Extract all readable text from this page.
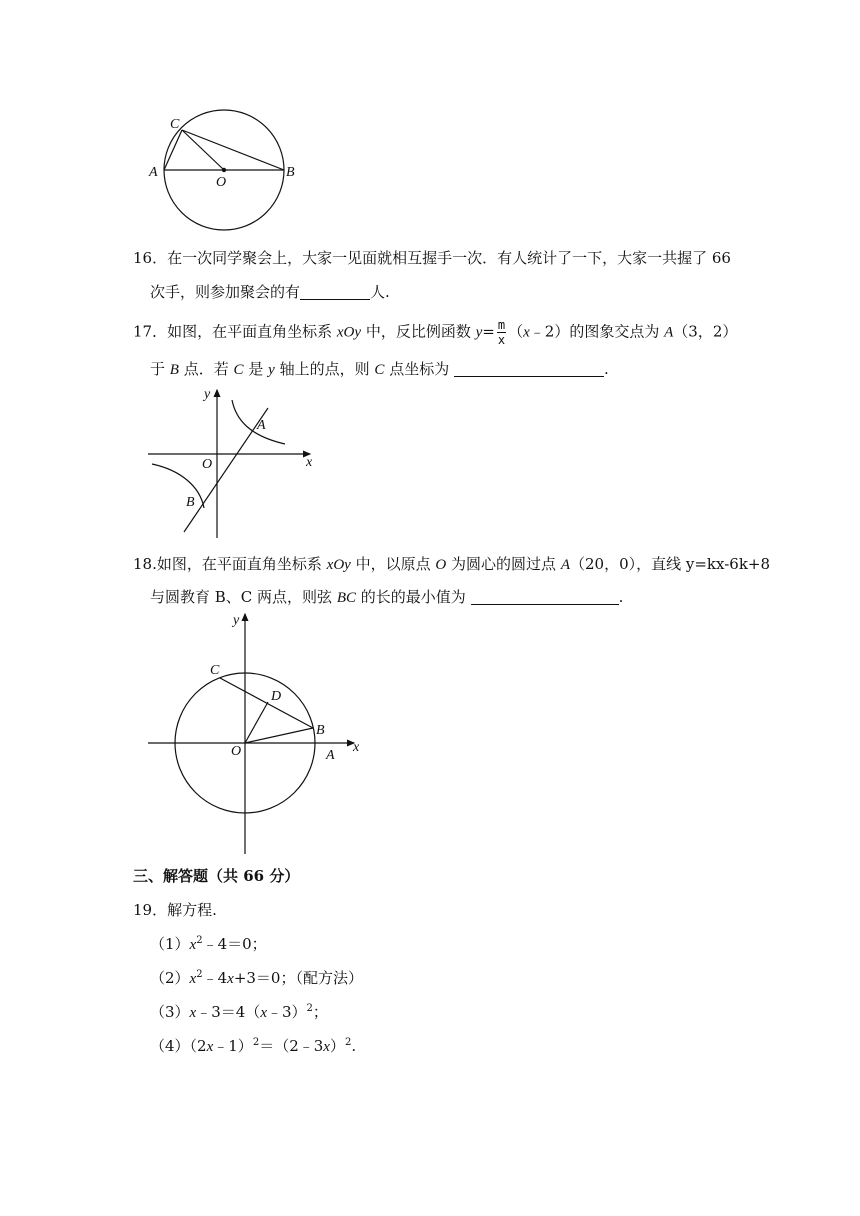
C
A
O
B
16．在一次同学聚会上，大家一见面就相互握手一次．有人统计了一下，大家一共握了 66
次手，则参加聚会的有	人.
17．如图，在平面直角坐标系 xOy 中，反比例函数 $y= \frac{m}{x}$ （x﹣2）的图象交点为 A（3，2）
于 B 点．若 C 是 y 轴上的点，则 C 点坐标为	.
y
A
O	x
B
18.如图，在平面直角坐标系 xOy 中，以原点 O 为圆心的圆过点 A（20，0），直线 y=kx-6k+8
与圆教育 B、C 两点，则弦 BC 的长的最小值为	.
y
C
D
B
O	A
x
三、解答题（共 66 分）
19．解方程.
$(1)x^2﹣4=0$；
$(2)x^2﹣4x+3=0$；（配方法）
（3）x﹣3＝4（x﹣3）$^2$；
（4）（2x﹣1）$^2$＝（2﹣3x）$^2$.
